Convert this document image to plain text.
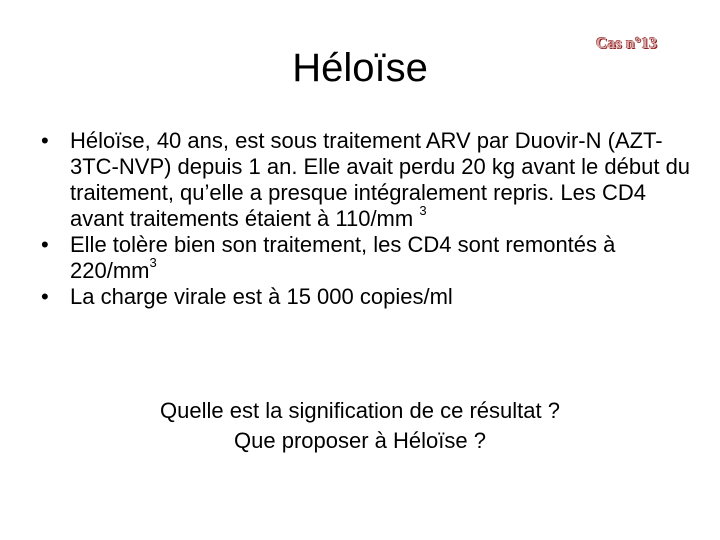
Héloïse
Cas n°13
• Héloïse, 40 ans, est sous traitement ARV par Duovir-N (AZT-3TC-NVP) depuis 1 an. Elle avait perdu 20 kg avant le début du traitement, qu’elle a presque intégralement repris. Les CD4 avant traitements étaient à 110/mm $^3$
• Elle tolère bien son traitement, les CD4 sont remontés à $220/mm^3$
• La charge virale est à 15 000 copies/ml
Quelle est la signification de ce résultat ?
Que proposer à Héloïse ?
